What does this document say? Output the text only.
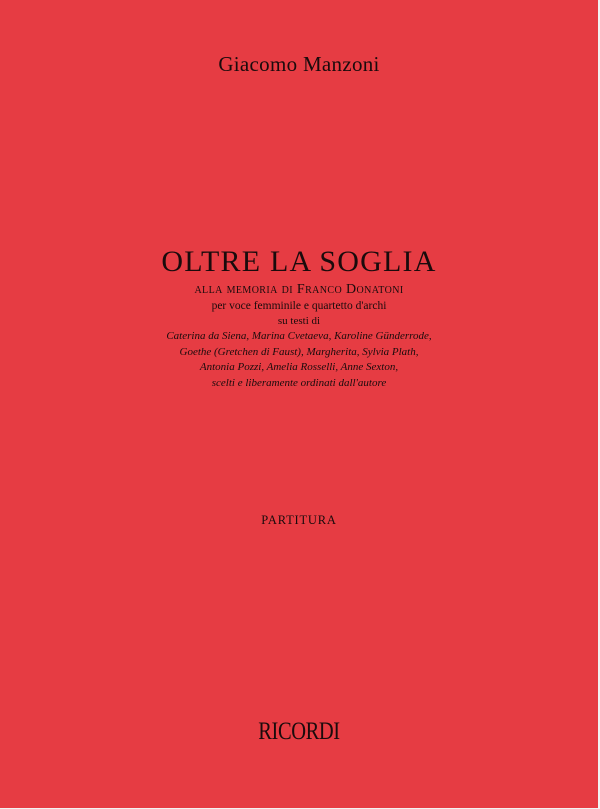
Giacomo Manzoni
OLTRE LA SOGLIA
alla memoria di Franco Donatoni
per voce femminile e quartetto d'archi
su testi di
Caterina da Siena, Marina Cvetaeva, Karoline Günderrode,
Goethe (Gretchen di Faust), Margherita, Sylvia Plath,
Antonia Pozzi, Amelia Rosselli, Anne Sexton,
scelti e liberamente ordinati dall'autore
PARTITURA
RICORDI
